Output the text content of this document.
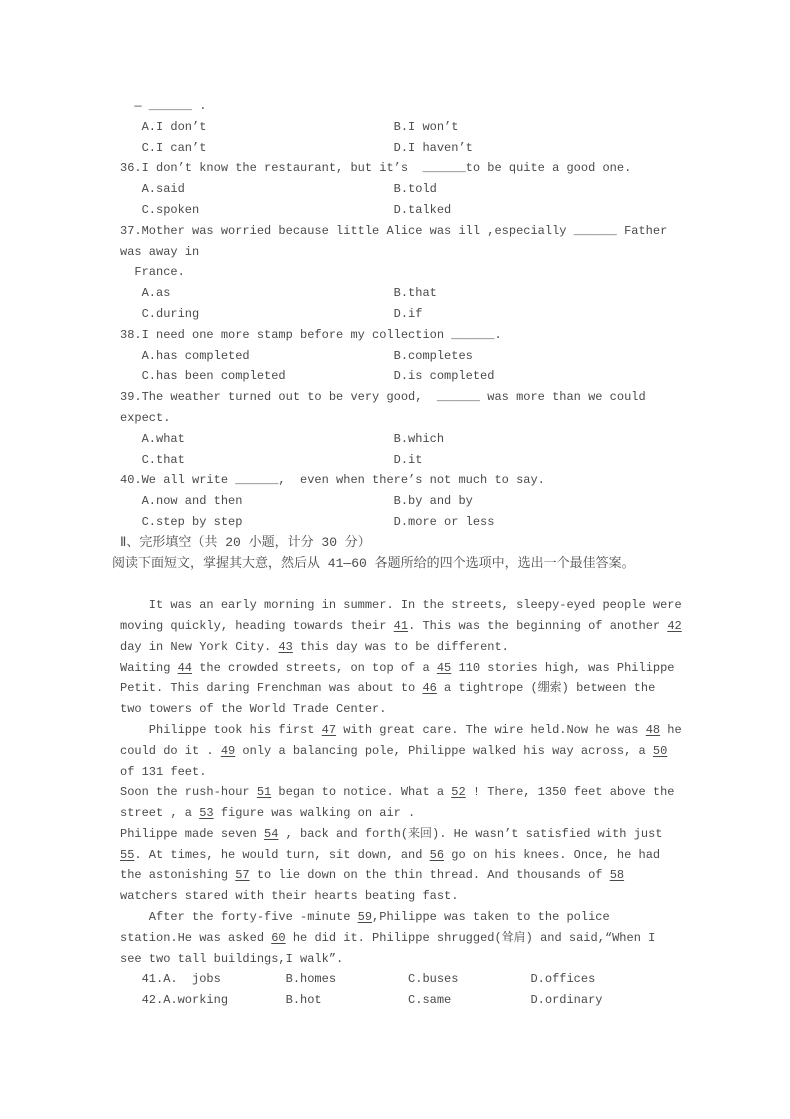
— ______ .
A.I don’t                          B.I won’t
C.I can’t                          D.I haven’t
36.I don’t know the restaurant, but it’s  ______to be quite a good one.
A.said                             B.told
C.spoken                           D.talked
37.Mother was worried because little Alice was ill ,especially ______ Father
was away in
France.
A.as                               B.that
C.during                           D.if
38.I need one more stamp before my collection ______.
A.has completed                    B.completes
C.has been completed               D.is completed
39.The weather turned out to be very good,  ______ was more than we could
expect.
A.what                             B.which
C.that                             D.it
40.We all write ______,  even when there’s not much to say.
A.now and then                     B.by and by
C.step by step                     D.more or less
Ⅱ、完形填空（共 20 小题，计分 30 分）
阅读下面短文，掌握其大意，然后从 41—60 各题所给的四个选项中，选出一个最佳答案。
It was an early morning in summer. In the streets, sleepy-eyed people were
moving quickly, heading towards their 41. This was the beginning of another 42
day in New York City. 43 this day was to be different.
Waiting 44 the crowded streets, on top of a 45 110 stories high, was Philippe
Petit. This daring Frenchman was about to 46 a tightrope (绷索) between the
two towers of the World Trade Center.
Philippe took his first 47 with great care. The wire held.Now he was 48 he
could do it . 49 only a balancing pole, Philippe walked his way across, a 50
of 131 feet.
Soon the rush-hour 51 began to notice. What a 52 ! There, 1350 feet above the
street , a 53 figure was walking on air .
Philippe made seven 54 , back and forth(来回). He wasn’t satisfied with just
55. At times, he would turn, sit down, and 56 go on his knees. Once, he had
the astonishing 57 to lie down on the thin thread. And thousands of 58
watchers stared with their hearts beating fast.
After the forty-five -minute 59,Philippe was taken to the police
station.He was asked 60 he did it. Philippe shrugged(耸肩) and said,“When I
see two tall buildings,I walk”.
41.A.  jobs         B.homes          C.buses          D.offices
42.A.working        B.hot            C.same           D.ordinary
